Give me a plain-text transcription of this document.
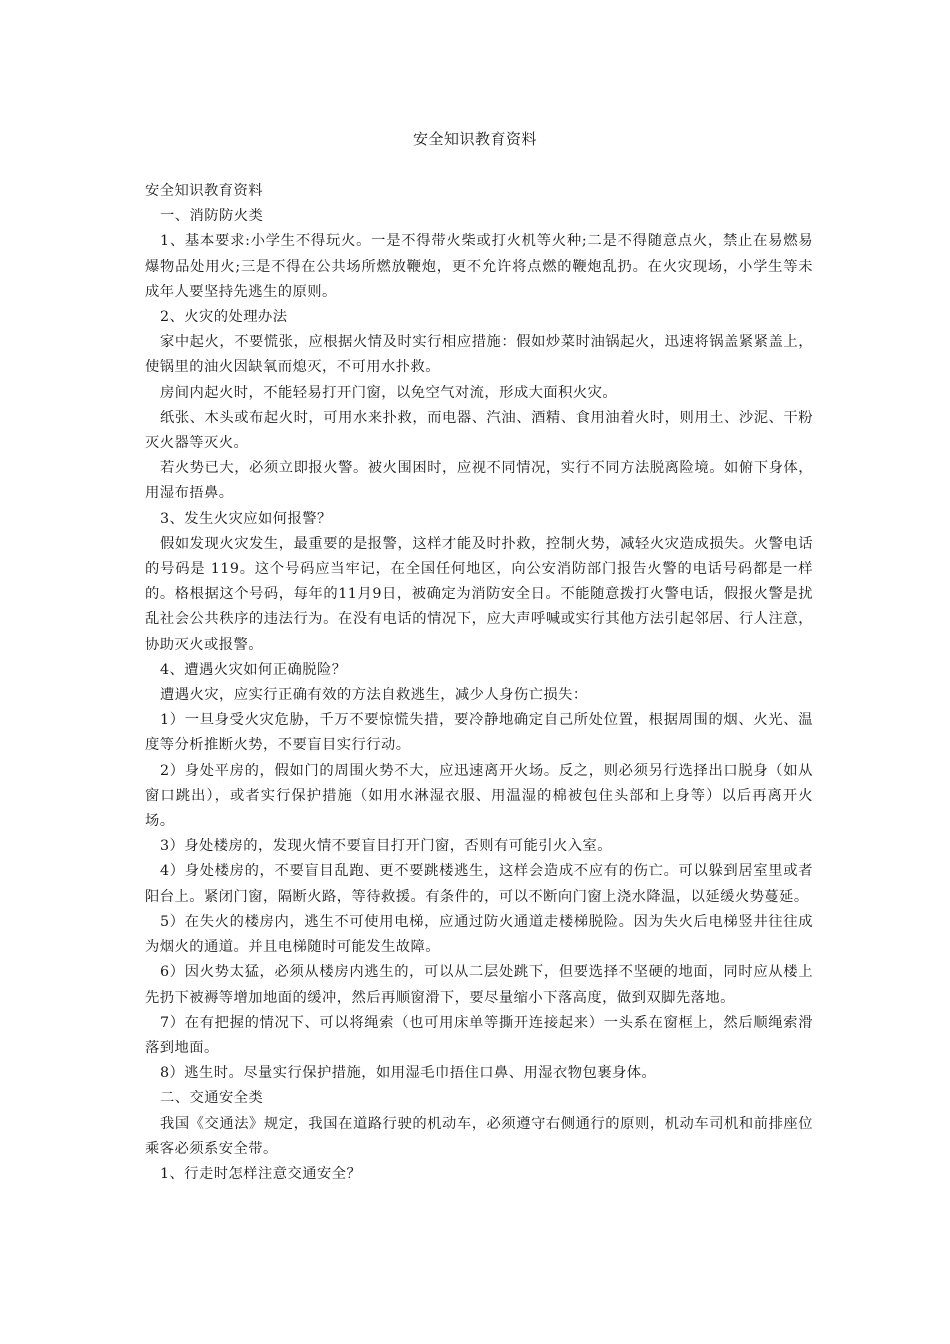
安全知识教育资料

安全知识教育资料

一、消防防火类

1、基本要求:小学生不得玩火。一是不得带火柴或打火机等火种;二是不得随意点火，禁止在易燃易爆物品处用火;三是不得在公共场所燃放鞭炮，更不允许将点燃的鞭炮乱扔。在火灾现场，小学生等未成年人要坚持先逃生的原则。

2、火灾的处理办法

家中起火，不要慌张，应根据火情及时实行相应措施：假如炒菜时油锅起火，迅速将锅盖紧紧盖上，使锅里的油火因缺氧而熄灭，不可用水扑救。

房间内起火时，不能轻易打开门窗，以免空气对流，形成大面积火灾。

纸张、木头或布起火时，可用水来扑救，而电器、汽油、酒精、食用油着火时，则用土、沙泥、干粉灭火器等灭火。

若火势已大，必须立即报火警。被火围困时，应视不同情况，实行不同方法脱离险境。如俯下身体，用湿布捂鼻。

3、发生火灾应如何报警？

假如发现火灾发生，最重要的是报警，这样才能及时扑救，控制火势，减轻火灾造成损失。火警电话的号码是 119。这个号码应当牢记，在全国任何地区，向公安消防部门报告火警的电话号码都是一样的。格根据这个号码，每年的11月9日，被确定为消防安全日。不能随意拨打火警电话，假报火警是扰乱社会公共秩序的违法行为。在没有电话的情况下，应大声呼喊或实行其他方法引起邻居、行人注意，协助灭火或报警。

4、遭遇火灾如何正确脱险？

遭遇火灾，应实行正确有效的方法自救逃生，减少人身伤亡损失：

1）一旦身受火灾危胁，千万不要惊慌失措，要冷静地确定自己所处位置，根据周围的烟、火光、温度等分析推断火势，不要盲目实行行动。

2）身处平房的，假如门的周围火势不大，应迅速离开火场。反之，则必须另行选择出口脱身（如从窗口跳出），或者实行保护措施（如用水淋湿衣服、用温湿的棉被包住头部和上身等）以后再离开火场。

3）身处楼房的，发现火情不要盲目打开门窗，否则有可能引火入室。

4）身处楼房的，不要盲目乱跑、更不要跳楼逃生，这样会造成不应有的伤亡。可以躲到居室里或者阳台上。紧闭门窗，隔断火路，等待救援。有条件的，可以不断向门窗上浇水降温，以延缓火势蔓延。

5）在失火的楼房内，逃生不可使用电梯，应通过防火通道走楼梯脱险。因为失火后电梯竖井往往成为烟火的通道。并且电梯随时可能发生故障。

6）因火势太猛，必须从楼房内逃生的，可以从二层处跳下，但要选择不坚硬的地面，同时应从楼上先扔下被褥等增加地面的缓冲，然后再顺窗滑下，要尽量缩小下落高度，做到双脚先落地。

7）在有把握的情况下、可以将绳索（也可用床单等撕开连接起来）一头系在窗框上，然后顺绳索滑落到地面。

8）逃生时。尽量实行保护措施，如用湿毛巾捂住口鼻、用湿衣物包裹身体。

二、交通安全类

我国《交通法》规定，我国在道路行驶的机动车，必须遵守右侧通行的原则，机动车司机和前排座位乘客必须系安全带。

1、行走时怎样注意交通安全？
